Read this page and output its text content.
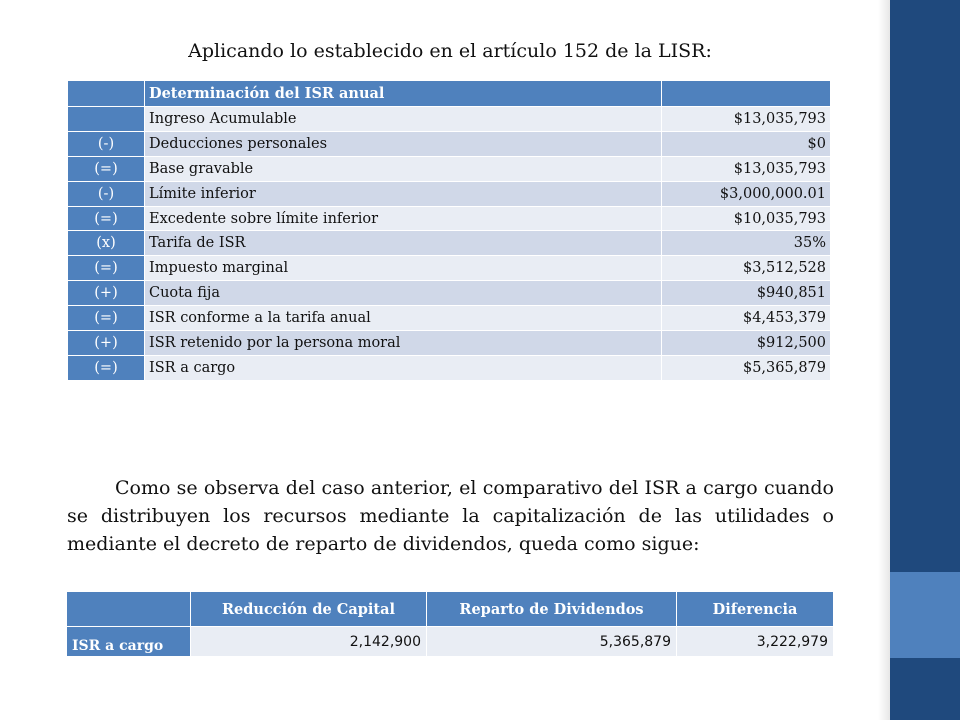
Aplicando lo establecido en el artículo 152 de la LISR:
	Determinación del ISR anual	
	Ingreso Acumulable	$13,035,793
(-)	Deducciones personales	$0
(=)	Base gravable	$13,035,793
(-)	Límite inferior	$3,000,000.01
(=)	Excedente sobre límite inferior	$10,035,793
(x)	Tarifa de ISR	35%
(=)	Impuesto marginal	$3,512,528
(+)	Cuota fija	$940,851
(=)	ISR conforme a la tarifa anual	$4,453,379
(+)	ISR retenido por la persona moral	$912,500
(=)	ISR a cargo	$5,365,879
Como se observa del caso anterior, el comparativo del ISR a cargo cuando se distribuyen los recursos mediante la capitalización de las utilidades o mediante el decreto de reparto de dividendos, queda como sigue:
	Reducción de Capital	Reparto de Dividendos	Diferencia
ISR a cargo	2,142,900	5,365,879	3,222,979
